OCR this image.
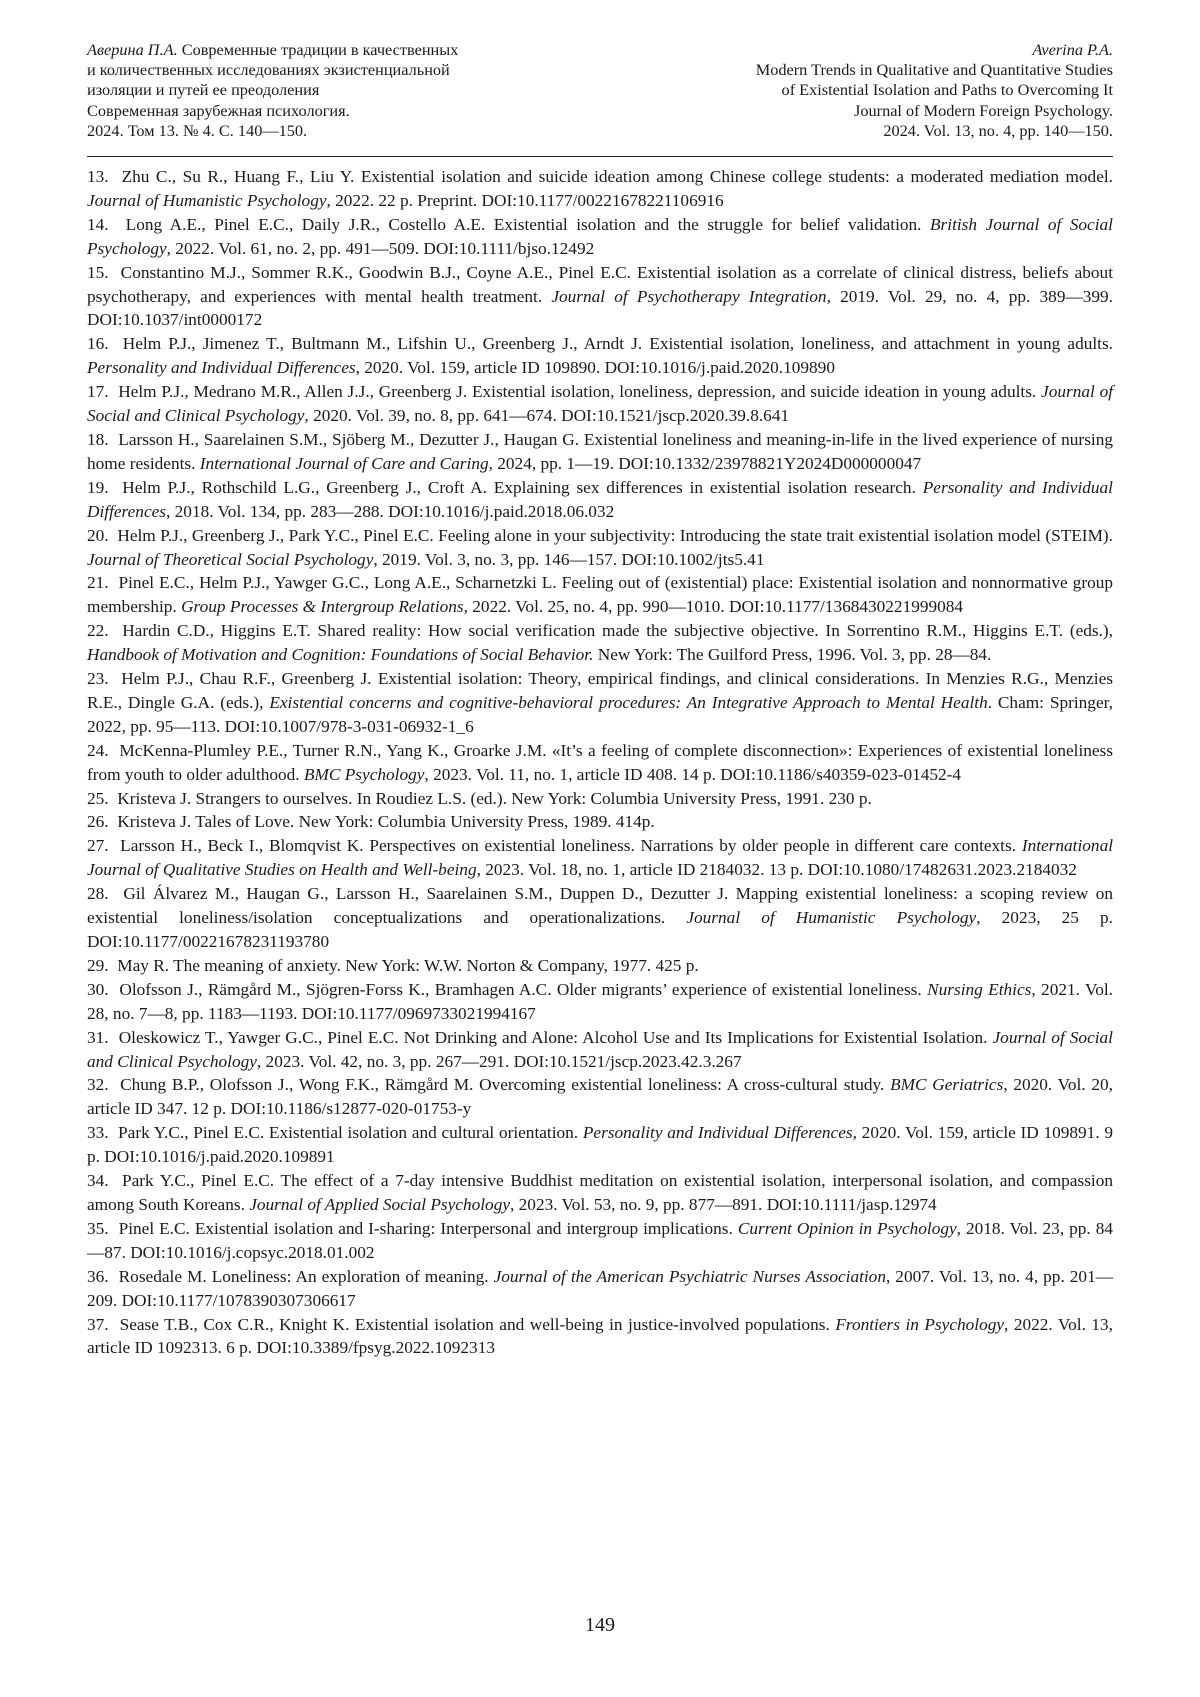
Аверина П.А. Современные традиции в качественных
и количественных исследованиях экзистенциальной
изоляции и путей ее преодоления
Современная зарубежная психология.
2024. Том 13. № 4. С. 140—150.
Averina P.A.
Modern Trends in Qualitative and Quantitative Studies
of Existential Isolation and Paths to Overcoming It
Journal of Modern Foreign Psychology.
2024. Vol. 13, no. 4, pp. 140—150.

13. Zhu C., Su R., Huang F., Liu Y. Existential isolation and suicide ideation among Chinese college students: a moderated mediation model. Journal of Humanistic Psychology, 2022. 22 p. Preprint. DOI:10.1177/00221678221106916

14. Long A.E., Pinel E.C., Daily J.R., Costello A.E. Existential isolation and the struggle for belief validation. British Journal of Social Psychology, 2022. Vol. 61, no. 2, pp. 491—509. DOI:10.1111/bjso.12492

15. Constantino M.J., Sommer R.K., Goodwin B.J., Coyne A.E., Pinel E.C. Existential isolation as a correlate of clinical distress, beliefs about psychotherapy, and experiences with mental health treatment. Journal of Psychotherapy Integration, 2019. Vol. 29, no. 4, pp. 389—399. DOI:10.1037/int0000172

16. Helm P.J., Jimenez T., Bultmann M., Lifshin U., Greenberg J., Arndt J. Existential isolation, loneliness, and attachment in young adults. Personality and Individual Differences, 2020. Vol. 159, article ID 109890. DOI:10.1016/j.paid.2020.109890

17. Helm P.J., Medrano M.R., Allen J.J., Greenberg J. Existential isolation, loneliness, depression, and suicide ideation in young adults. Journal of Social and Clinical Psychology, 2020. Vol. 39, no. 8, pp. 641—674. DOI:10.1521/jscp.2020.39.8.641

18. Larsson H., Saarelainen S.M., Sjöberg M., Dezutter J., Haugan G. Existential loneliness and meaning-in-life in the lived experience of nursing home residents. International Journal of Care and Caring, 2024, pp. 1—19. DOI:10.1332/23978821Y2024D000000047

19. Helm P.J., Rothschild L.G., Greenberg J., Croft A. Explaining sex differences in existential isolation research. Personality and Individual Differences, 2018. Vol. 134, pp. 283—288. DOI:10.1016/j.paid.2018.06.032

20. Helm P.J., Greenberg J., Park Y.C., Pinel E.C. Feeling alone in your subjectivity: Introducing the state trait existential isolation model (STEIM). Journal of Theoretical Social Psychology, 2019. Vol. 3, no. 3, pp. 146—157. DOI:10.1002/jts5.41

21. Pinel E.C., Helm P.J., Yawger G.C., Long A.E., Scharnetzki L. Feeling out of (existential) place: Existential isolation and nonnormative group membership. Group Processes & Intergroup Relations, 2022. Vol. 25, no. 4, pp. 990—1010. DOI:10.1177/1368430221999084

22. Hardin C.D., Higgins E.T. Shared reality: How social verification made the subjective objective. In Sorrentino R.M., Higgins E.T. (eds.), Handbook of Motivation and Cognition: Foundations of Social Behavior. New York: The Guilford Press, 1996. Vol. 3, pp. 28—84.

23. Helm P.J., Chau R.F., Greenberg J. Existential isolation: Theory, empirical findings, and clinical considerations. In Menzies R.G., Menzies R.E., Dingle G.A. (eds.), Existential concerns and cognitive-behavioral procedures: An Integrative Approach to Mental Health. Cham: Springer, 2022, pp. 95—113. DOI:10.1007/978-3-031-06932-1_6

24. McKenna-Plumley P.E., Turner R.N., Yang K., Groarke J.M. «It’s a feeling of complete disconnection»: Experiences of existential loneliness from youth to older adulthood. BMC Psychology, 2023. Vol. 11, no. 1, article ID 408. 14 p. DOI:10.1186/s40359-023-01452-4

25. Kristeva J. Strangers to ourselves. In Roudiez L.S. (ed.). New York: Columbia University Press, 1991. 230 p.

26. Kristeva J. Tales of Love. New York: Columbia University Press, 1989. 414p.

27. Larsson H., Beck I., Blomqvist K. Perspectives on existential loneliness. Narrations by older people in different care contexts. International Journal of Qualitative Studies on Health and Well-being, 2023. Vol. 18, no. 1, article ID 2184032. 13 p. DOI:10.1080/17482631.2023.2184032

28. Gil Álvarez M., Haugan G., Larsson H., Saarelainen S.M., Duppen D., Dezutter J. Mapping existential loneliness: a scoping review on existential loneliness/isolation conceptualizations and operationalizations. Journal of Humanistic Psychology, 2023, 25 p. DOI:10.1177/00221678231193780

29. May R. The meaning of anxiety. New York: W.W. Norton & Company, 1977. 425 p.

30. Olofsson J., Rämgård M., Sjögren-Forss K., Bramhagen A.C. Older migrants’ experience of existential loneliness. Nursing Ethics, 2021. Vol. 28, no. 7—8, pp. 1183—1193. DOI:10.1177/0969733021994167

31. Oleskowicz T., Yawger G.C., Pinel E.C. Not Drinking and Alone: Alcohol Use and Its Implications for Existential Isolation. Journal of Social and Clinical Psychology, 2023. Vol. 42, no. 3, pp. 267—291. DOI:10.1521/jscp.2023.42.3.267

32. Chung B.P., Olofsson J., Wong F.K., Rämgård M. Overcoming existential loneliness: A cross-cultural study. BMC Geriatrics, 2020. Vol. 20, article ID 347. 12 p. DOI:10.1186/s12877-020-01753-y

33. Park Y.C., Pinel E.C. Existential isolation and cultural orientation. Personality and Individual Differences, 2020. Vol. 159, article ID 109891. 9 p. DOI:10.1016/j.paid.2020.109891

34. Park Y.C., Pinel E.C. The effect of a 7-day intensive Buddhist meditation on existential isolation, interpersonal isolation, and compassion among South Koreans. Journal of Applied Social Psychology, 2023. Vol. 53, no. 9, pp. 877—891. DOI:10.1111/jasp.12974

35. Pinel E.C. Existential isolation and I-sharing: Interpersonal and intergroup implications. Current Opinion in Psychology, 2018. Vol. 23, pp. 84—87. DOI:10.1016/j.copsyc.2018.01.002

36. Rosedale M. Loneliness: An exploration of meaning. Journal of the American Psychiatric Nurses Association, 2007. Vol. 13, no. 4, pp. 201—209. DOI:10.1177/1078390307306617

37. Sease T.B., Cox C.R., Knight K. Existential isolation and well-being in justice-involved populations. Frontiers in Psychology, 2022. Vol. 13, article ID 1092313. 6 p. DOI:10.3389/fpsyg.2022.1092313

149
